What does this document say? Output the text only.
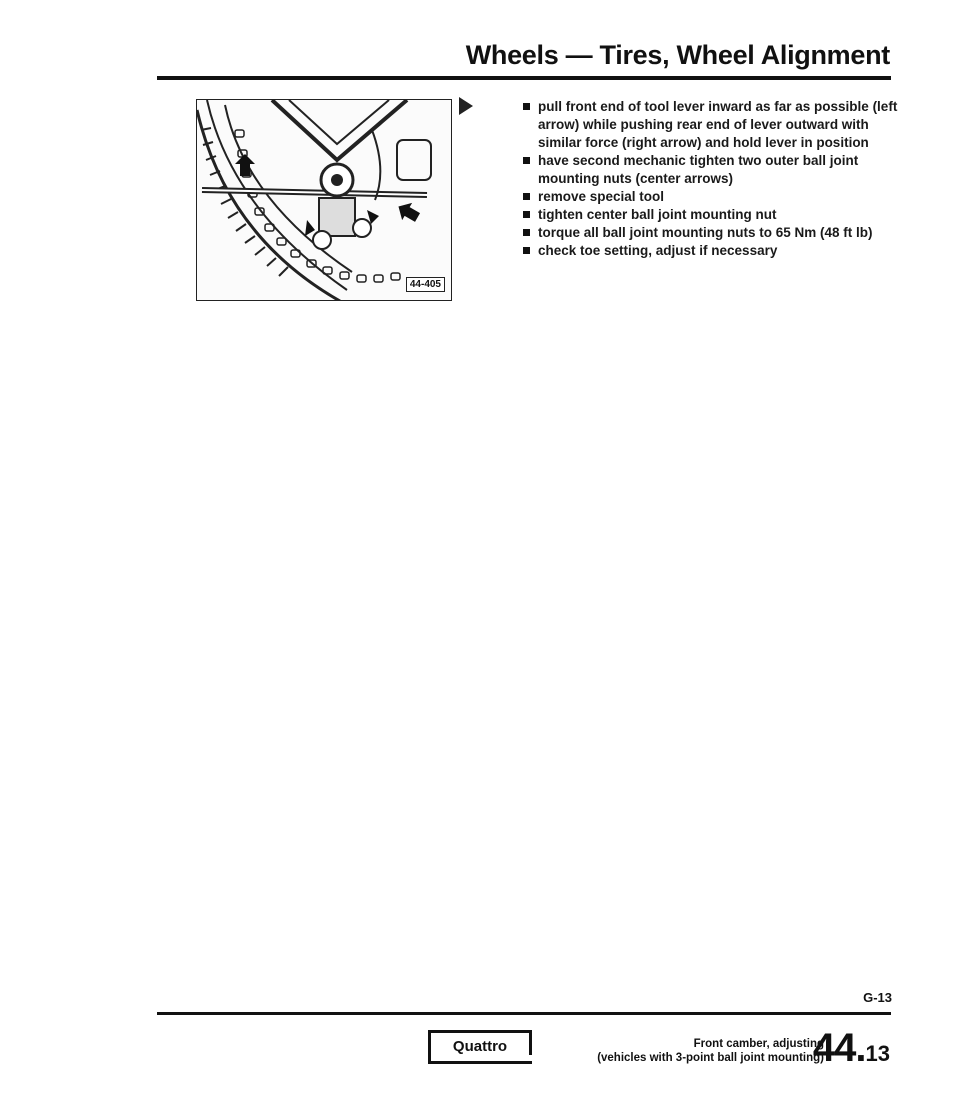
Wheels — Tires, Wheel Alignment
44-405
pull front end of tool lever inward as far as possible (left arrow) while pushing rear end of lever outward with similar force (right arrow) and hold lever in position
have second mechanic tighten two outer ball joint mounting nuts (center arrows)
remove special tool
tighten center ball joint mounting nut
torque all ball joint mounting nuts to 65 Nm (48 ft lb)
check toe setting, adjust if necessary
G-13
Quattro	Front camber, adjusting
(vehicles with 3-point ball joint mounting)
44.13
